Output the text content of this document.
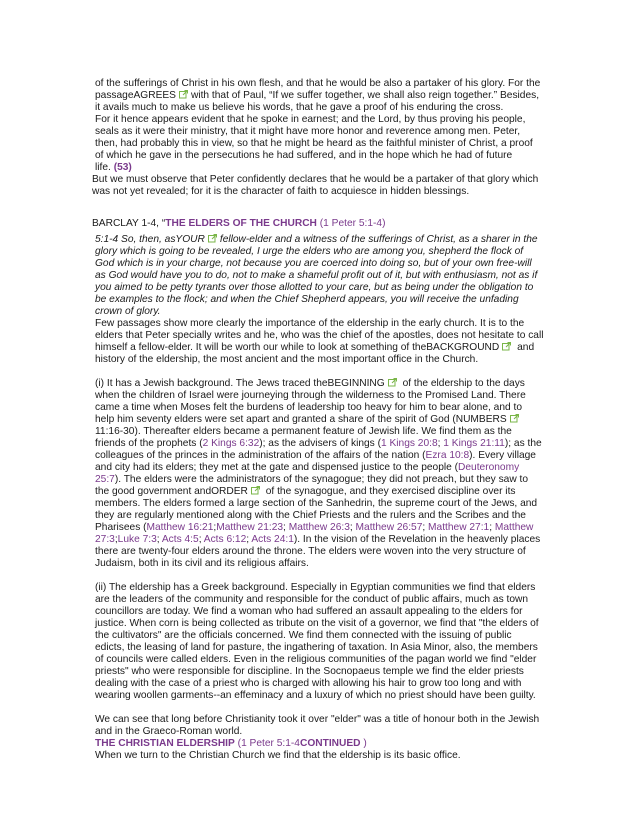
of the sufferings of Christ in his own flesh, and that he would be also a partaker of his glory. For the
passageAGREES with that of Paul, “If we suffer together, we shall also reign together.” Besides,
it avails much to make us believe his words, that he gave a proof of his enduring the cross.
For it hence appears evident that he spoke in earnest; and the Lord, by thus proving his people,
seals as it were their ministry, that it might have more honor and reverence among men. Peter,
then, had probably this in view, so that he might be heard as the faithful minister of Christ, a proof
of which he gave in the persecutions he had suffered, and in the hope which he had of future
life. (53)
But we must observe that Peter confidently declares that he would be a partaker of that glory which
was not yet revealed; for it is the character of faith to acquiesce in hidden blessings.
BARCLAY 1-4, “THE ELDERS OF THE CHURCH (1 Peter 5:1-4)
5:1-4 So, then, asYOUR fellow-elder and a witness of the sufferings of Christ, as a sharer in the
glory which is going to be revealed, I urge the elders who are among you, shepherd the flock of
God which is in your charge, not because you are coerced into doing so, but of your own free-will
as God would have you to do, not to make a shameful profit out of it, but with enthusiasm, not as if
you aimed to be petty tyrants over those allotted to your care, but as being under the obligation to
be examples to the flock; and when the Chief Shepherd appears, you will receive the unfading
crown of glory.
Few passages show more clearly the importance of the eldership in the early church. It is to the
elders that Peter specially writes and he, who was the chief of the apostles, does not hesitate to call
himself a fellow-elder. It will be worth our while to look at something of theBACKGROUND and
history of the eldership, the most ancient and the most important office in the Church.
(i) It has a Jewish background. The Jews traced theBEGINNING of the eldership to the days
when the children of Israel were journeying through the wilderness to the Promised Land. There
came a time when Moses felt the burdens of leadership too heavy for him to bear alone, and to
help him seventy elders were set apart and granted a share of the spirit of God (NUMBERS
11:16-30). Thereafter elders became a permanent feature of Jewish life. We find them as the
friends of the prophets (2 Kings 6:32); as the advisers of kings (1 Kings 20:8; 1 Kings 21:11); as the
colleagues of the princes in the administration of the affairs of the nation (Ezra 10:8). Every village
and city had its elders; they met at the gate and dispensed justice to the people (Deuteronomy
25:7). The elders were the administrators of the synagogue; they did not preach, but they saw to
the good government andORDER of the synagogue, and they exercised discipline over its
members. The elders formed a large section of the Sanhedrin, the supreme court of the Jews, and
they are regularly mentioned along with the Chief Priests and the rulers and the Scribes and the
Pharisees (Matthew 16:21;Matthew 21:23; Matthew 26:3; Matthew 26:57; Matthew 27:1; Matthew
27:3;Luke 7:3; Acts 4:5; Acts 6:12; Acts 24:1). In the vision of the Revelation in the heavenly places
there are twenty-four elders around the throne. The elders were woven into the very structure of
Judaism, both in its civil and its religious affairs.
(ii) The eldership has a Greek background. Especially in Egyptian communities we find that elders
are the leaders of the community and responsible for the conduct of public affairs, much as town
councillors are today. We find a woman who had suffered an assault appealing to the elders for
justice. When corn is being collected as tribute on the visit of a governor, we find that "the elders of
the cultivators" are the officials concerned. We find them connected with the issuing of public
edicts, the leasing of land for pasture, the ingathering of taxation. In Asia Minor, also, the members
of councils were called elders. Even in the religious communities of the pagan world we find "elder
priests" who were responsible for discipline. In the Socnopaeus temple we find the elder priests
dealing with the case of a priest who is charged with allowing his hair to grow too long and with
wearing woollen garments--an effeminacy and a luxury of which no priest should have been guilty.
We can see that long before Christianity took it over "elder" was a title of honour both in the Jewish
and in the Graeco-Roman world.
THE CHRISTIAN ELDERSHIP (1 Peter 5:1-4CONTINUED )
When we turn to the Christian Church we find that the eldership is its basic office.
